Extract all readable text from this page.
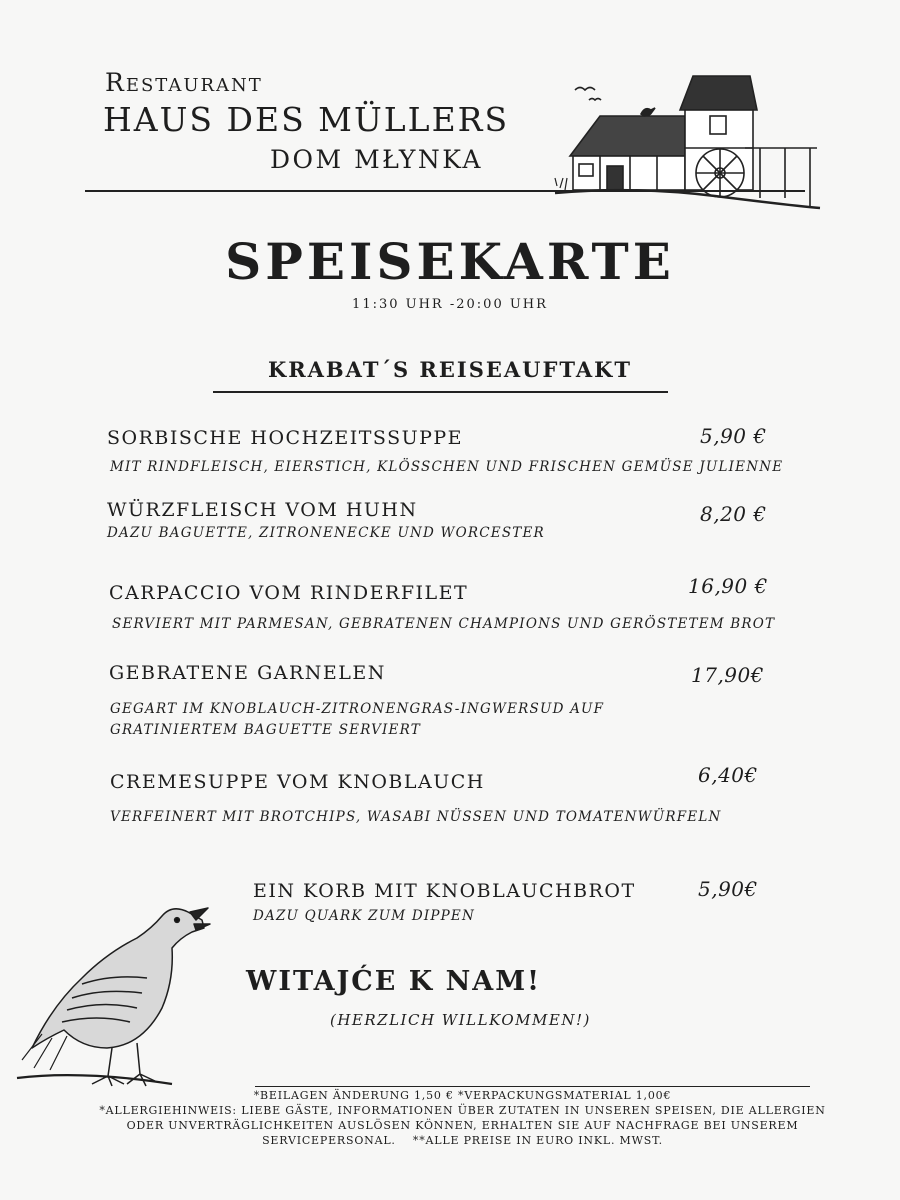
Restaurant
HAUS DES MÜLLERS
DOM MŁYNKA
SPEISEKARTE
11:30 UHR -20:00 UHR
KRABAT´S REISEAUFTAKT
SORBISCHE HOCHZEITSSUPPE	5,90 €
MIT RINDFLEISCH, EIERSTICH, KLÖSSCHEN UND FRISCHEN GEMÜSE JULIENNE
WÜRZFLEISCH VOM HUHN	8,20 €
DAZU BAGUETTE, ZITRONENECKE UND WORCESTER
CARPACCIO VOM RINDERFILET	16,90 €
SERVIERT MIT PARMESAN, GEBRATENEN CHAMPIONS UND GERÖSTETEM BROT
GEBRATENE GARNELEN	17,90€
GEGART IM KNOBLAUCH-ZITRONENGRAS-INGWERSUD AUF
GRATINIERTEM BAGUETTE SERVIERT
CREMESUPPE VOM KNOBLAUCH	6,40€
VERFEINERT MIT BROTCHIPS, WASABI NÜSSEN UND TOMATENWÜRFELN
EIN KORB MIT KNOBLAUCHBROT	5,90€
DAZU QUARK ZUM DIPPEN
WITAJĆE K NAM!
(HERZLICH WILLKOMMEN!)
*BEILAGEN ÄNDERUNG 1,50 € *VERPACKUNGSMATERIAL 1,00€
*ALLERGIEHINWEIS: LIEBE GÄSTE, INFORMATIONEN ÜBER ZUTATEN IN UNSEREN SPEISEN, DIE ALLERGIEN
ODER UNVERTRÄGLICHKEITEN AUSLÖSEN KÖNNEN, ERHALTEN SIE AUF NACHFRAGE BEI UNSEREM
SERVICEPERSONAL.    **ALLE PREISE IN EURO INKL. MWST.
